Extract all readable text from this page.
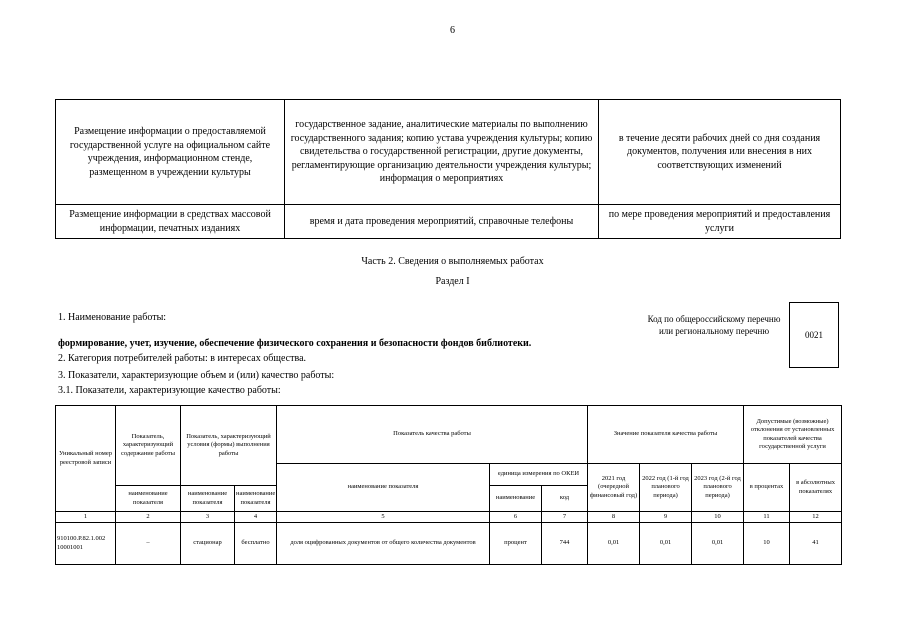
6
Размещение информации о предоставляемой государственной услуге на официальном сайте учреждения, информационном стенде, размещенном в учреждении культуры	государственное задание, аналитические материалы по выполнению государственного задания; копию устава учреждения культуры; копию свидетельства о государственной регистрации, другие документы, регламентирующие организацию деятельности учреждения культуры; информация о мероприятиях	в течение десяти рабочих дней со дня создания документов, получения или внесения в них соответствующих изменений
Размещение информации в средствах массовой информации, печатных изданиях	время и дата проведения мероприятий, справочные телефоны	по мере проведения мероприятий и предоставления услуги
Часть 2. Сведения о выполняемых работах
Раздел I
1. Наименование работы:
формирование, учет, изучение, обеспечение физического сохранения и безопасности фондов библиотеки.
2. Категория потребителей работы: в интересах общества.
3. Показатели, характеризующие объем и (или) качество работы:
3.1. Показатели, характеризующие качество работы:
Код по общероссийскому перечню или региональному перечню	0021
Уникальный номер реестровой записи	Показатель, характеризующий содержание работы	Показатель, характеризующий условия (формы) выполнения работы		Показатель качества работы			Значение показателя качества работы			Допустимые (возможные) отклонения от установленных показателей качества государственной услуги	
				наименование показателя	единица измерения по ОКЕИ		2021 год (очередной финансовый год)	2022 год (1-й год планового периода)	2023 год (2-й год планового периода)	в процентах	в абсолютных показателях
	наименование показателя	наименование показателя	наименование показателя		наименование	код					
1	2	3	4	5	6	7	8	9	10	11	12
910100.Р.82.1.002 10001001	–	стационар	бесплатно	доля оцифрованных документов от общего количества документов	процент	744	0,01	0,01	0,01	10	41
